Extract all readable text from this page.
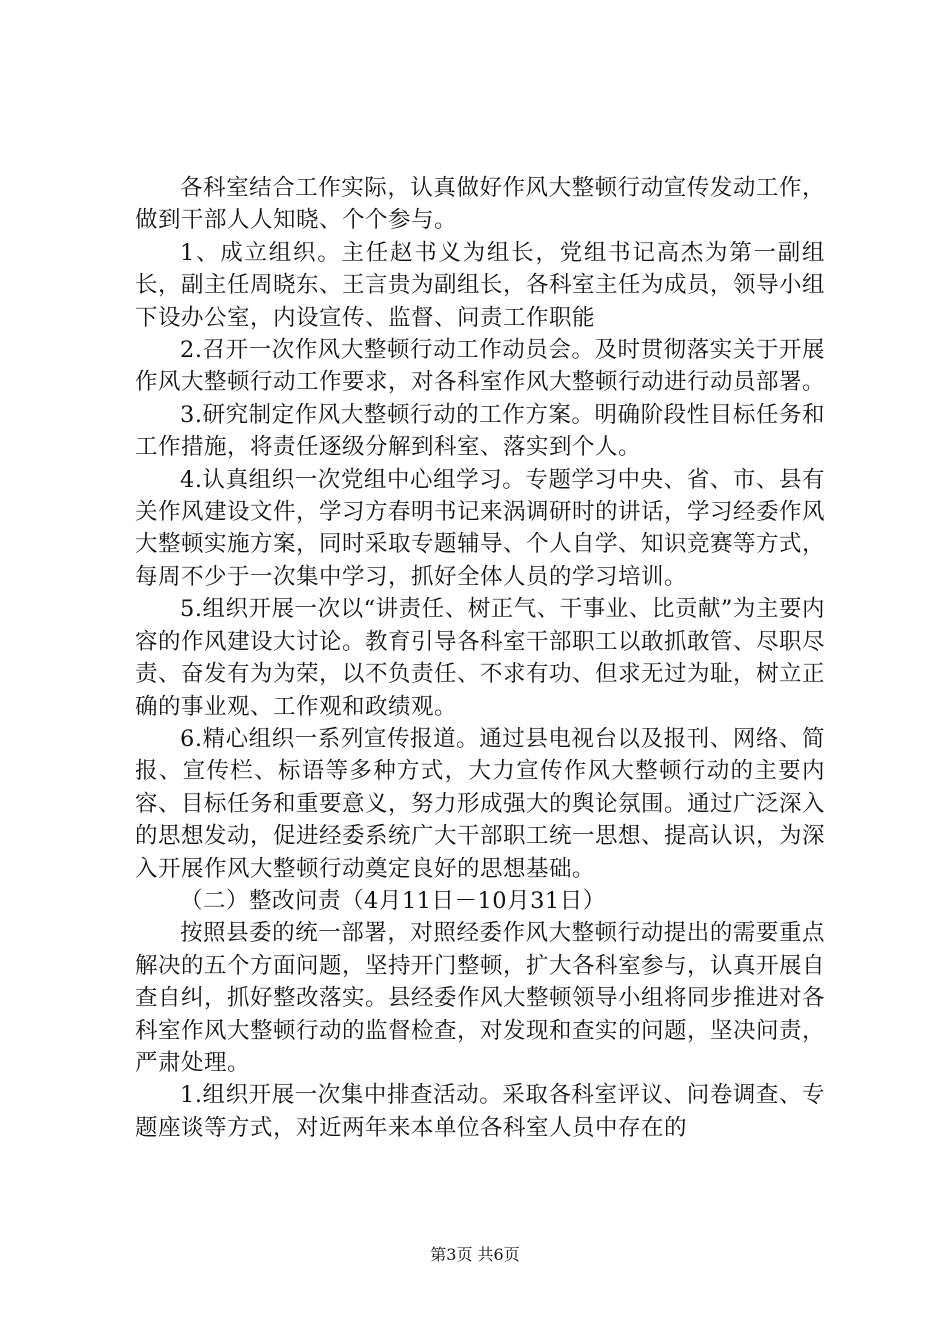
各科室结合工作实际，认真做好作风大整顿行动宣传发动工作，做到干部人人知晓、个个参与。

1、成立组织。主任赵书义为组长，党组书记高杰为第一副组长，副主任周晓东、王言贵为副组长，各科室主任为成员，领导小组下设办公室，内设宣传、监督、问责工作职能

2.召开一次作风大整顿行动工作动员会。及时贯彻落实关于开展作风大整顿行动工作要求，对各科室作风大整顿行动进行动员部署。

3.研究制定作风大整顿行动的工作方案。明确阶段性目标任务和工作措施，将责任逐级分解到科室、落实到个人。

4.认真组织一次党组中心组学习。专题学习中央、省、市、县有关作风建设文件，学习方春明书记来涡调研时的讲话，学习经委作风大整顿实施方案，同时采取专题辅导、个人自学、知识竞赛等方式，每周不少于一次集中学习，抓好全体人员的学习培训。

5.组织开展一次以“讲责任、树正气、干事业、比贡献”为主要内容的作风建设大讨论。教育引导各科室干部职工以敢抓敢管、尽职尽责、奋发有为为荣，以不负责任、不求有功、但求无过为耻，树立正确的事业观、工作观和政绩观。

6.精心组织一系列宣传报道。通过县电视台以及报刊、网络、简报、宣传栏、标语等多种方式，大力宣传作风大整顿行动的主要内容、目标任务和重要意义，努力形成强大的舆论氛围。通过广泛深入的思想发动，促进经委系统广大干部职工统一思想、提高认识，为深入开展作风大整顿行动奠定良好的思想基础。

（二）整改问责（4月11日－10月31日）

按照县委的统一部署，对照经委作风大整顿行动提出的需要重点解决的五个方面问题，坚持开门整顿，扩大各科室参与，认真开展自查自纠，抓好整改落实。县经委作风大整顿领导小组将同步推进对各科室作风大整顿行动的监督检查，对发现和查实的问题，坚决问责，严肃处理。

1.组织开展一次集中排查活动。采取各科室评议、问卷调查、专题座谈等方式，对近两年来本单位各科室人员中存在的

第3页 共6页
